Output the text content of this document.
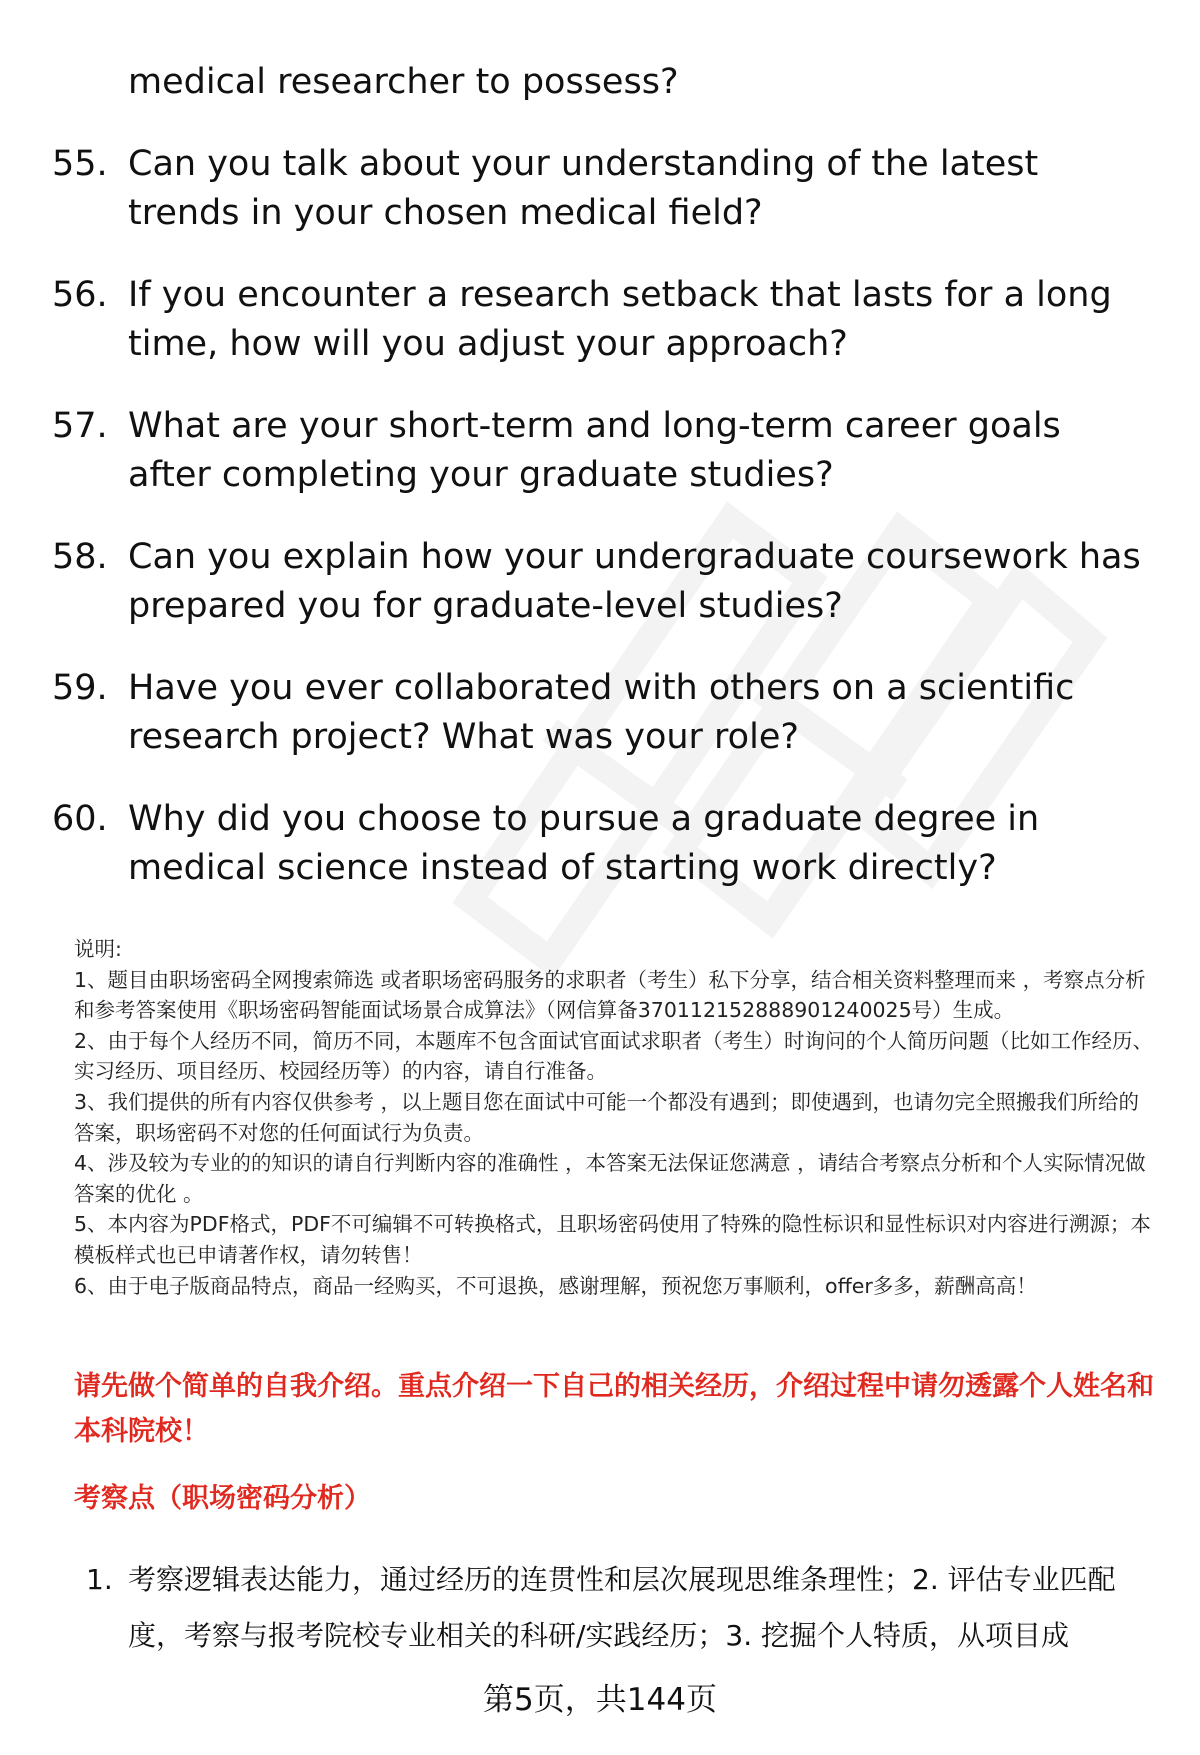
medical researcher to possess?
55. Can you talk about your understanding of the latest trends in your chosen medical field?
56. If you encounter a research setback that lasts for a long time, how will you adjust your approach?
57. What are your short-term and long-term career goals after completing your graduate studies?
58. Can you explain how your undergraduate coursework has prepared you for graduate-level studies?
59. Have you ever collaborated with others on a scientific research project? What was your role?
60. Why did you choose to pursue a graduate degree in medical science instead of starting work directly?

说明:

1、题目由职场密码全网搜索筛选 或者职场密码服务的求职者（考生）私下分享，结合相关资料整理而来 ，考察点分析和参考答案使用《职场密码智能面试场景合成算法》（网信算备370112152888901240025号）生成。

2、由于每个人经历不同，简历不同，本题库不包含面试官面试求职者（考生）时询问的个人简历问题（比如工作经历、实习经历、项目经历、校园经历等）的内容，请自行准备。

3、我们提供的所有内容仅供参考 ，以上题目您在面试中可能一个都没有遇到；即使遇到，也请勿完全照搬我们所给的答案，职场密码不对您的任何面试行为负责。

4、涉及较为专业的的知识的请自行判断内容的准确性 ，本答案无法保证您满意 ，请结合考察点分析和个人实际情况做答案的优化 。

5、本内容为PDF格式，PDF不可编辑不可转换格式，且职场密码使用了特殊的隐性标识和显性标识对内容进行溯源；本模板样式也已申请著作权，请勿转售！

6、由于电子版商品特点，商品一经购买，不可退换，感谢理解，预祝您万事顺利，offer多多，薪酬高高！

请先做个简单的自我介绍。重点介绍一下自己的相关经历，介绍过程中请勿透露个人姓名和本科院校！
考察点（职场密码分析）
1. 考察逻辑表达能力，通过经历的连贯性和层次展现思维条理性；2. 评估专业匹配度，考察与报考院校专业相关的科研/实践经历；3. 挖掘个人特质，从项目成
第5页，共144页
